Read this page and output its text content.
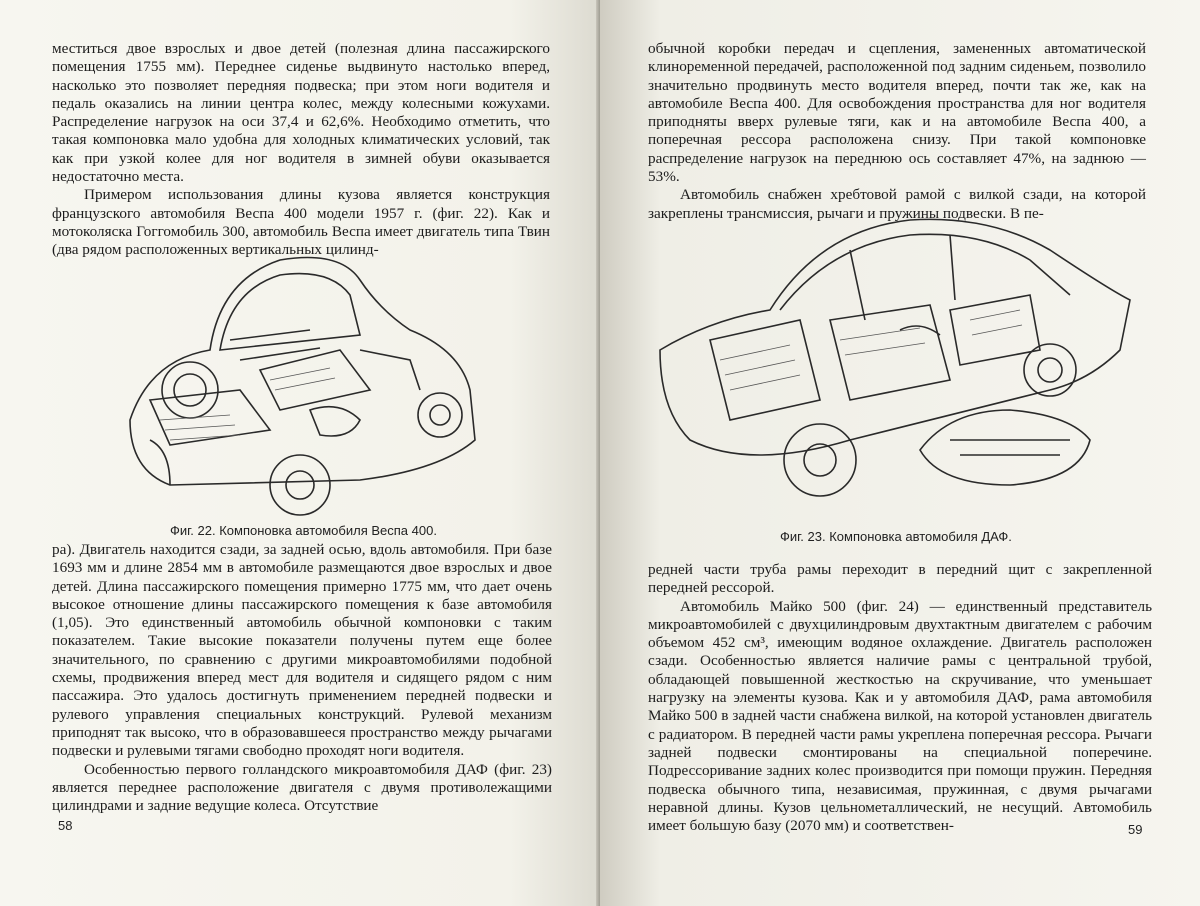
меститься двое взрослых и двое детей (полезная длина пассажирского помещения 1755 мм). Переднее сиденье выдвинуто настолько вперед, насколько это позволяет передняя подвеска; при этом ноги водителя и педаль оказались на линии центра колес, между колесными кожухами. Распределение нагрузок на оси 37,4 и 62,6%. Необходимо отметить, что такая компоновка мало удобна для холодных климатических условий, так как при узкой колее для ног водителя в зимней обуви оказывается недостаточно места.

Примером использования длины кузова является конструкция французского автомобиля Веспа 400 модели 1957 г. (фиг. 22). Как и мотоколяска Гоггомобиль 300, автомобиль Веспа имеет двигатель типа Твин (два рядом расположенных вертикальных цилинд-

Фиг. 22. Компоновка автомобиля Веспа 400.

ра). Двигатель находится сзади, за задней осью, вдоль автомобиля. При базе 1693 мм и длине 2854 мм в автомобиле размещаются двое взрослых и двое детей. Длина пассажирского помещения примерно 1775 мм, что дает очень высокое отношение длины пассажирского помещения к базе автомобиля (1,05). Это единственный автомобиль обычной компоновки с таким показателем. Такие высокие показатели получены путем еще более значительного, по сравнению с другими микроавтомобилями подобной схемы, продвижения вперед мест для водителя и сидящего рядом с ним пассажира. Это удалось достигнуть применением передней подвески и рулевого управления специальных конструкций. Рулевой механизм приподнят так высоко, что в образовавшееся пространство между рычагами подвески и рулевыми тягами свободно проходят ноги водителя.

Особенностью первого голландского микроавтомобиля ДАФ (фиг. 23) является переднее расположение двигателя с двумя противолежащими цилиндрами и задние ведущие колеса. Отсутствие

58

обычной коробки передач и сцепления, замененных автоматической клиноременной передачей, расположенной под задним сиденьем, позволило значительно продвинуть место водителя вперед, почти так же, как на автомобиле Веспа 400. Для освобождения пространства для ног водителя приподняты вверх рулевые тяги, как и на автомобиле Веспа 400, а поперечная рессора расположена снизу. При такой компоновке распределение нагрузок на переднюю ось составляет 47%, на заднюю — 53%.

Автомобиль снабжен хребтовой рамой с вилкой сзади, на которой закреплены трансмиссия, рычаги и пружины подвески. В пе-

Фиг. 23. Компоновка автомобиля ДАФ.

редней части труба рамы переходит в передний щит с закрепленной передней рессорой.

Автомобиль Майко 500 (фиг. 24) — единственный представитель микроавтомобилей с двухцилиндровым двухтактным двигателем с рабочим объемом 452 см³, имеющим водяное охлаждение. Двигатель расположен сзади. Особенностью является наличие рамы с центральной трубой, обладающей повышенной жесткостью на скручивание, что уменьшает нагрузку на элементы кузова. Как и у автомобиля ДАФ, рама автомобиля Майко 500 в задней части снабжена вилкой, на которой установлен двигатель с радиатором. В передней части рамы укреплена поперечная рессора. Рычаги задней подвески смонтированы на специальной поперечине. Подрессоривание задних колес производится при помощи пружин. Передняя подвеска обычного типа, независимая, пружинная, с двумя рычагами неравной длины. Кузов цельнометаллический, не несущий. Автомобиль имеет большую базу (2070 мм) и соответствен-	59
